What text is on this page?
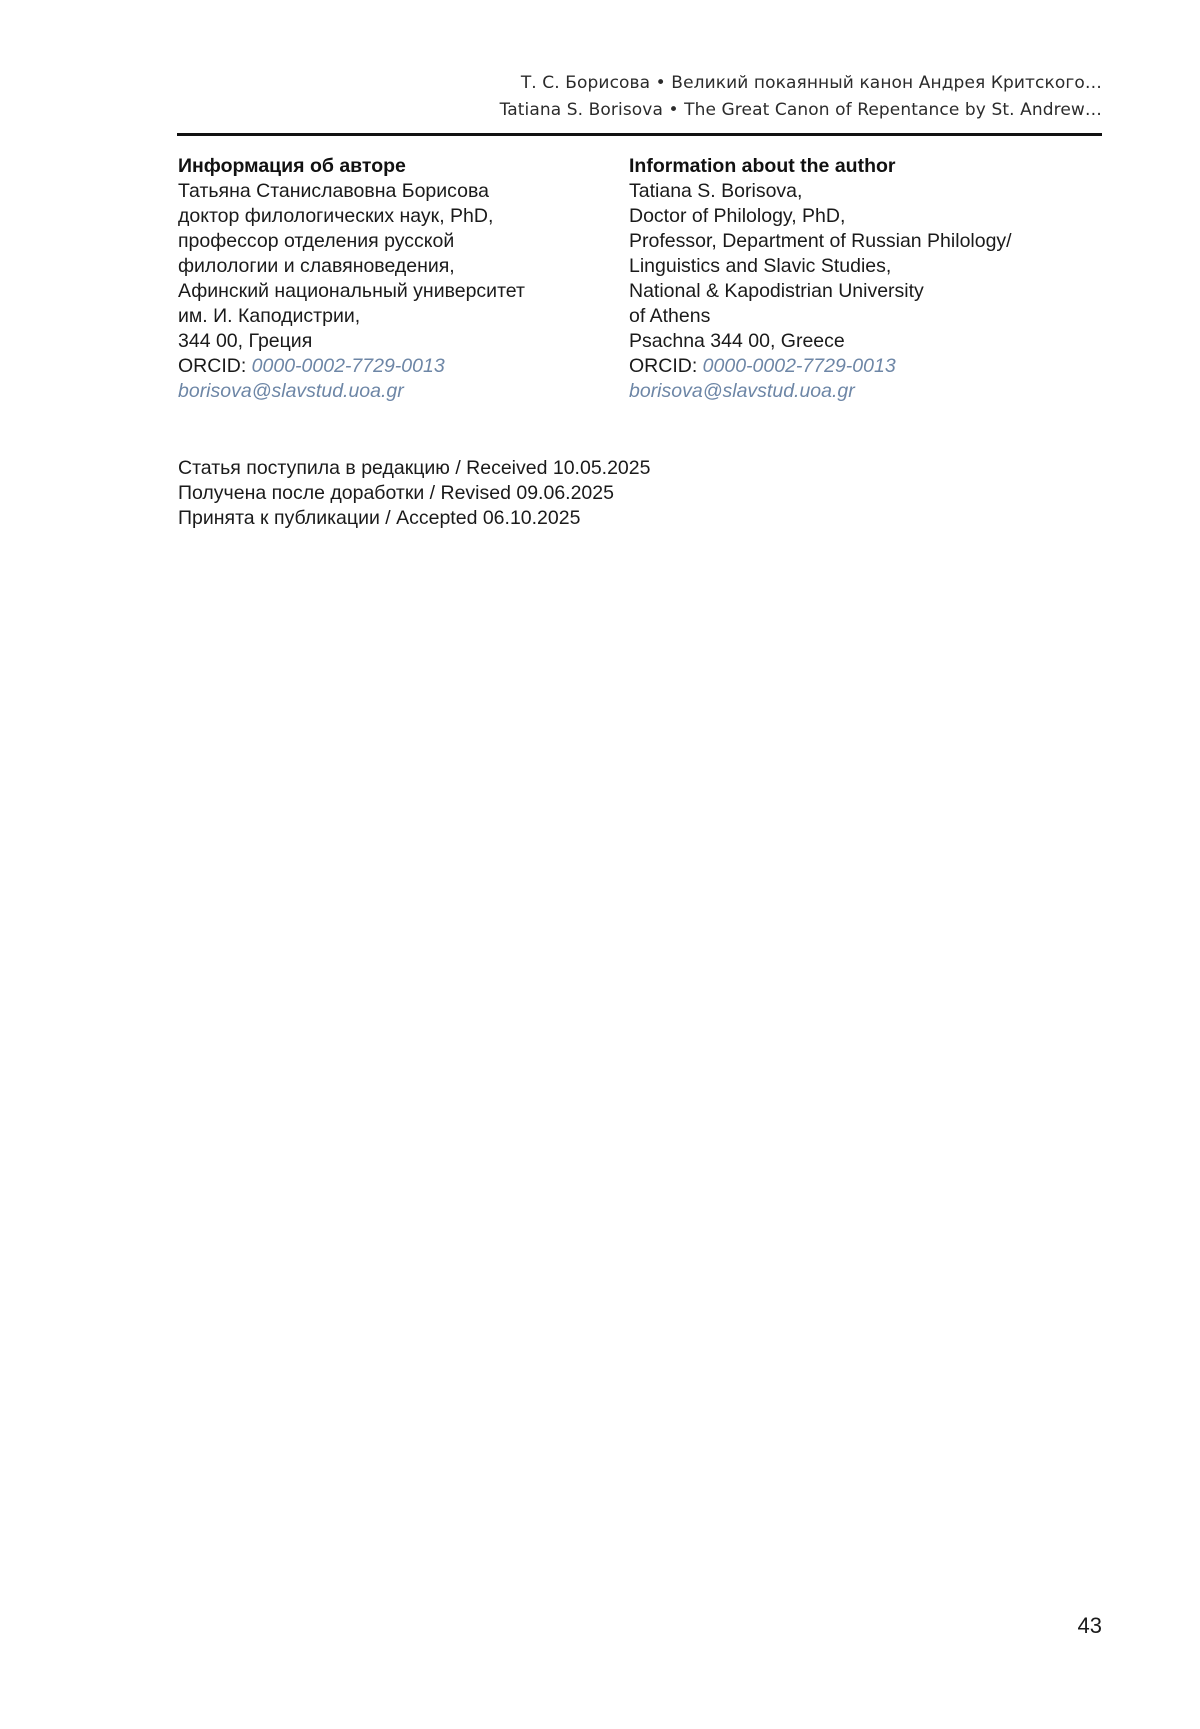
Т. С. Борисова • Великий покаянный канон Андрея Критского…
Tatiana S. Borisova • The Great Canon of Repentance by St. Andrew…
Информация об авторе
Татьяна Станиславовна Борисова
доктор филологических наук, PhD,
профессор отделения русской
филологии и славяноведения,
Афинский национальный университет
им. И. Каподистрии,
344 00, Греция
ORCID: 0000-0002-7729-0013
borisova@slavstud.uoa.gr
Information about the author
Tatiana S. Borisova,
Doctor of Philology, PhD,
Professor, Department of Russian Philology/
Linguistics and Slavic Studies,
National & Kapodistrian University
of Athens
Psachna 344 00, Greece
ORCID: 0000-0002-7729-0013
borisova@slavstud.uoa.gr
Статья поступила в редакцию / Received 10.05.2025
Получена после доработки / Revised 09.06.2025
Принята к публикации / Accepted 06.10.2025
43
